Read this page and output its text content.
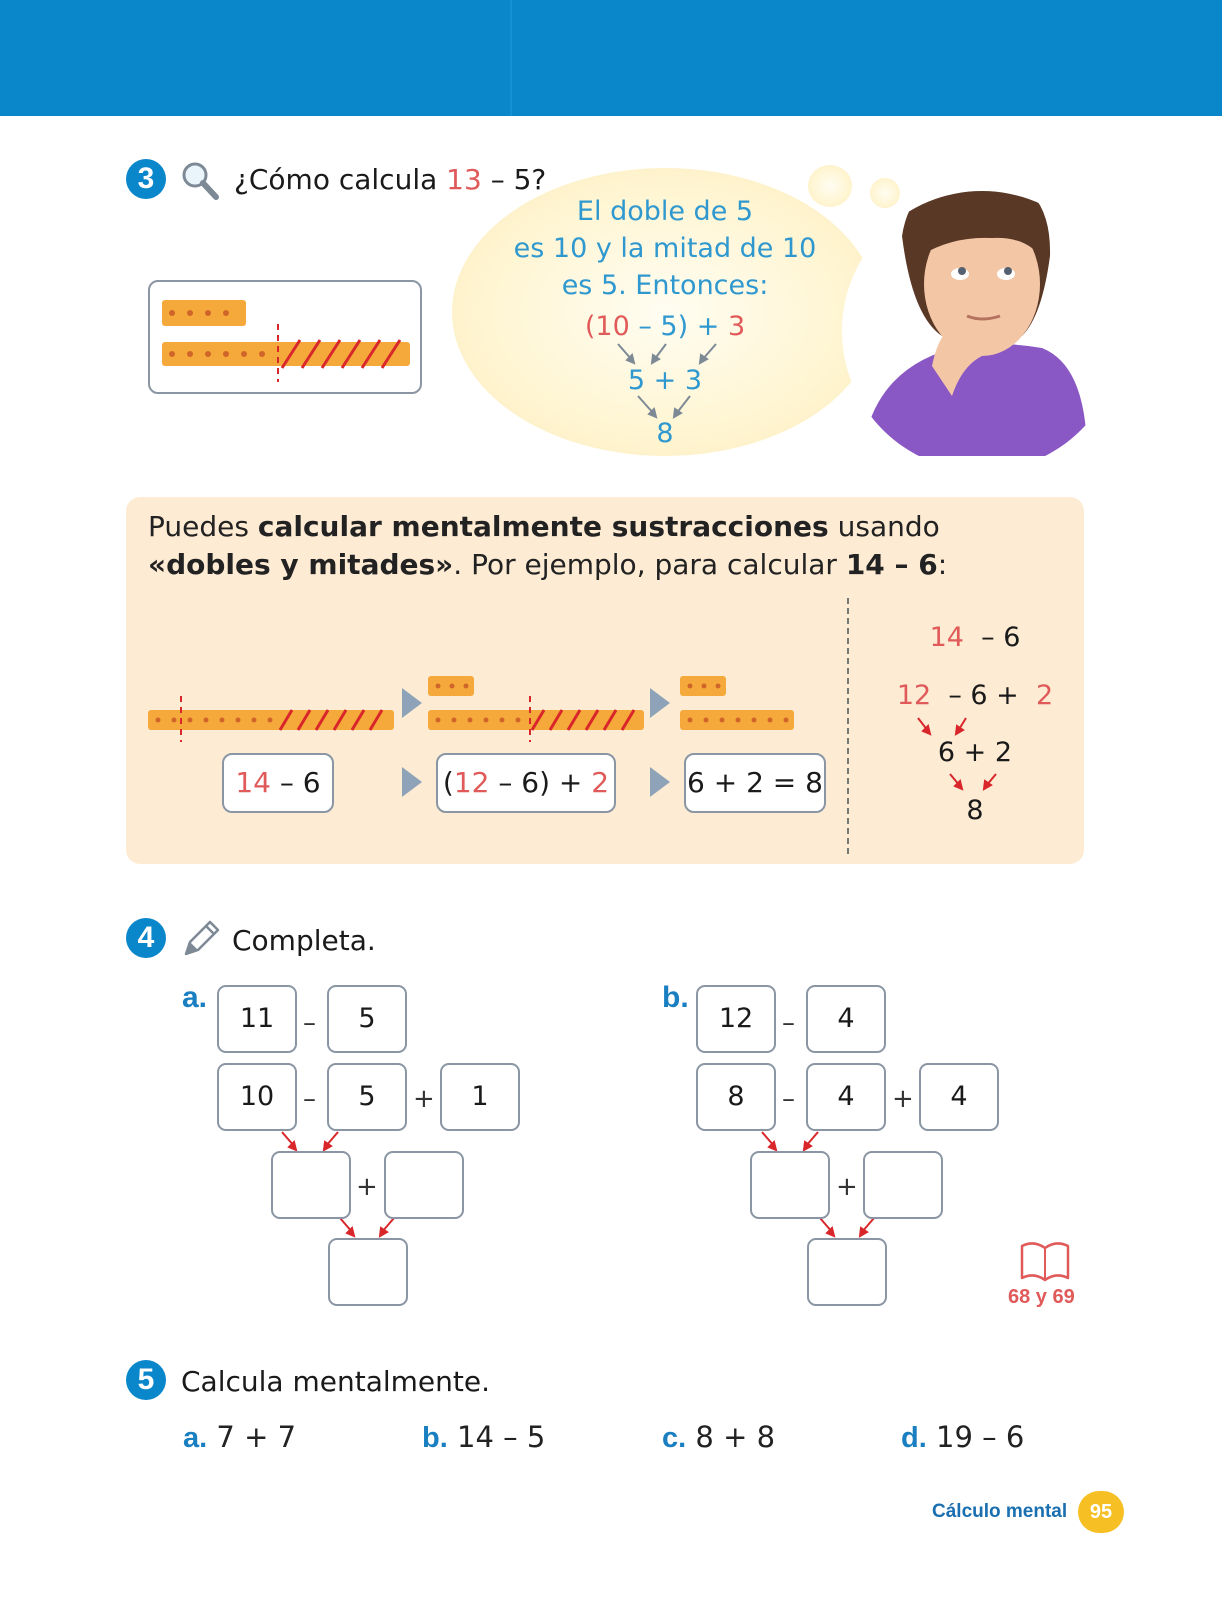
3	¿Cómo calcula 13 – 5?
El doble de 5
es 10 y la mitad de 10
es 5. Entonces:
(10 – 5) + 3
5 + 3
8
Puedes calcular mentalmente sustracciones usando «dobles y mitades». Por ejemplo, para calcular 14 – 6:
14 – 6	(12 – 6) + 2	6 + 2 = 8
14 – 6
12 – 6 + 2
6 + 2
8
4	Completa.
a.
11	–	5
10	–	5	+	1
+
b.
12	–	4
8	–	4	+	4
+
68 y 69
5 Calcula mentalmente.
a. 7 + 7	b. 14 – 5	c. 8 + 8	d. 19 – 6
Cálculo mental	95
